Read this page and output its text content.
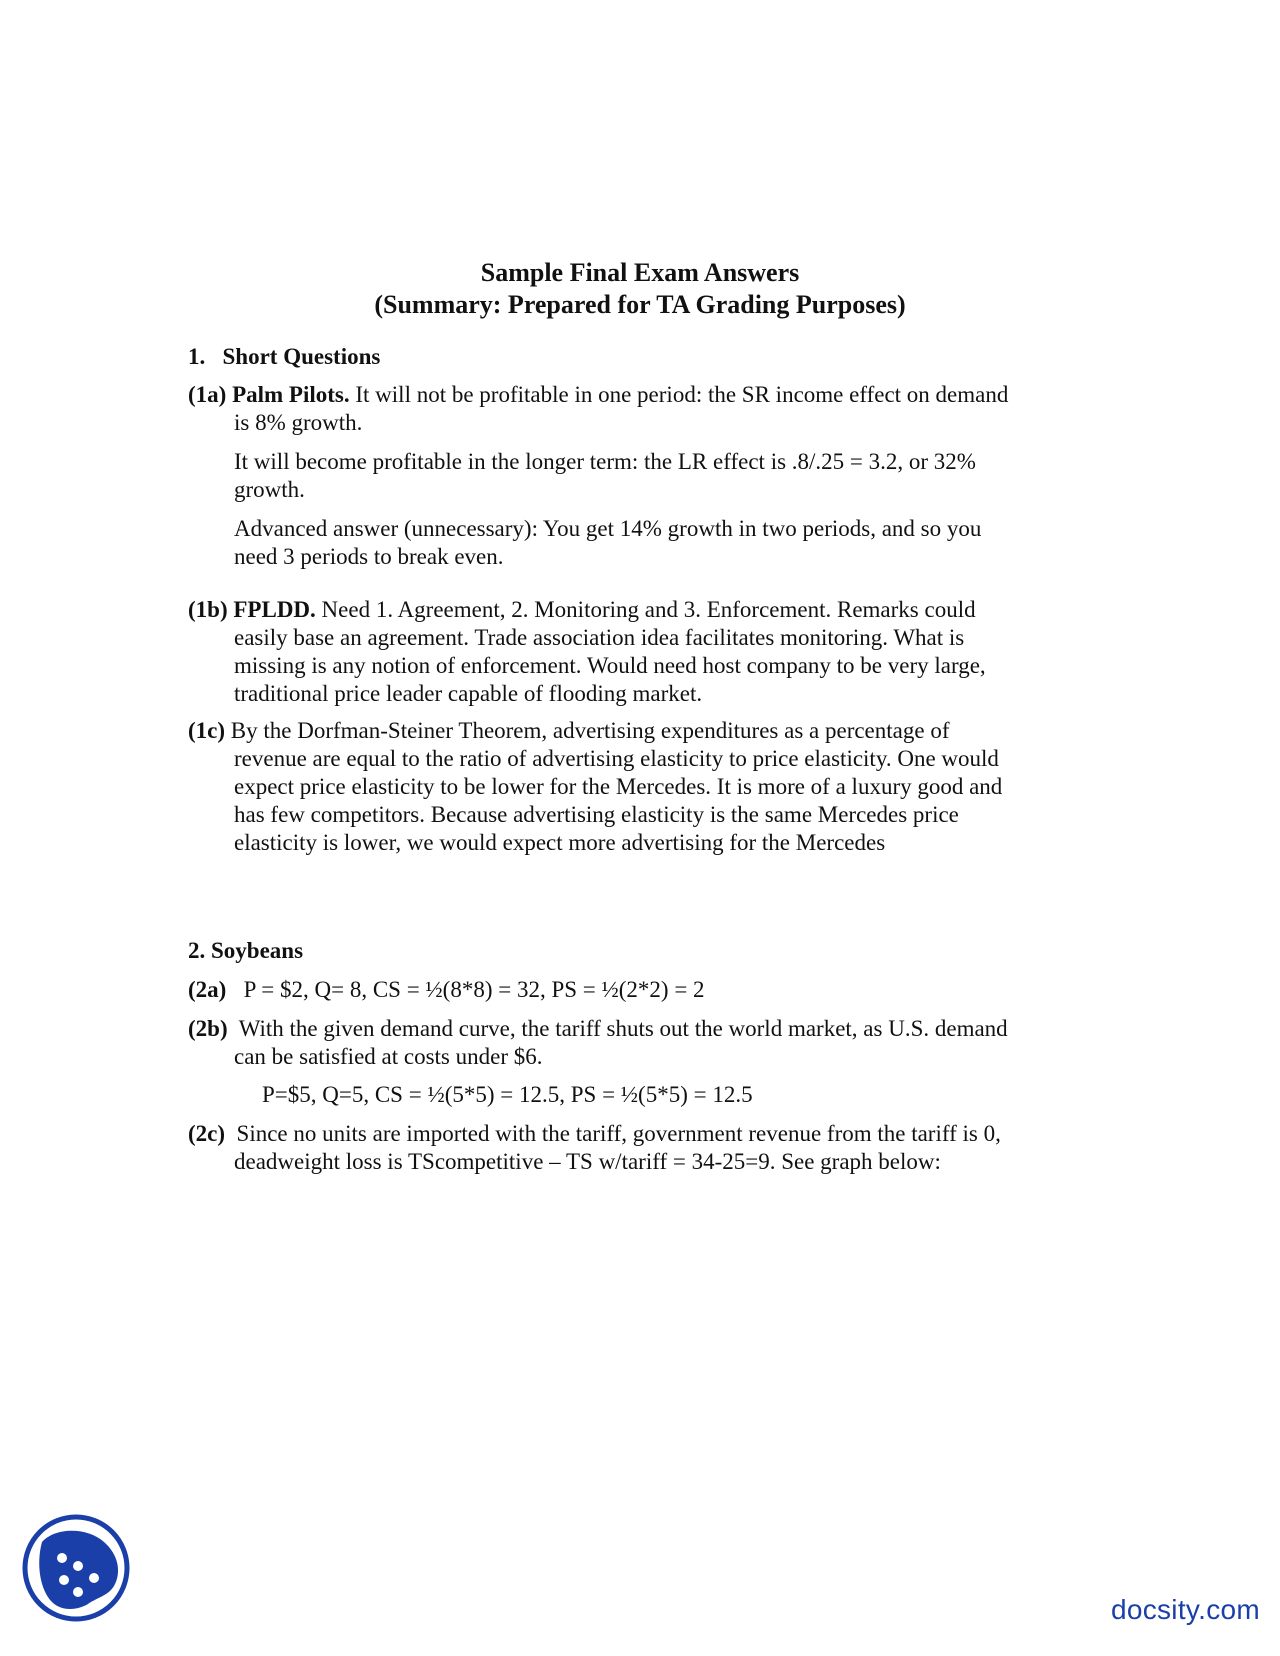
Sample Final Exam Answers
(Summary: Prepared for TA Grading Purposes)
1. Short Questions
(1a) Palm Pilots. It will not be profitable in one period: the SR income effect on demand
is 8% growth.
It will become profitable in the longer term: the LR effect is .8/.25 = 3.2, or 32%
growth.
Advanced answer (unnecessary): You get 14% growth in two periods, and so you
need 3 periods to break even.
(1b) FPLDD. Need 1. Agreement, 2. Monitoring and 3. Enforcement. Remarks could
easily base an agreement. Trade association idea facilitates monitoring. What is
missing is any notion of enforcement. Would need host company to be very large,
traditional price leader capable of flooding market.
(1c) By the Dorfman-Steiner Theorem, advertising expenditures as a percentage of
revenue are equal to the ratio of advertising elasticity to price elasticity. One would
expect price elasticity to be lower for the Mercedes. It is more of a luxury good and
has few competitors. Because advertising elasticity is the same Mercedes price
elasticity is lower, we would expect more advertising for the Mercedes
2. Soybeans
(2a)   P = $2, Q= 8, CS = ½(8*8) = 32, PS = ½(2*2) = 2
(2b)  With the given demand curve, the tariff shuts out the world market, as U.S. demand
can be satisfied at costs under $6.
P=$5, Q=5, CS = ½(5*5) = 12.5, PS = ½(5*5) = 12.5
(2c)  Since no units are imported with the tariff, government revenue from the tariff is 0,
deadweight loss is TScompetitive – TS w/tariff = 34-25=9. See graph below:
docsity.com
